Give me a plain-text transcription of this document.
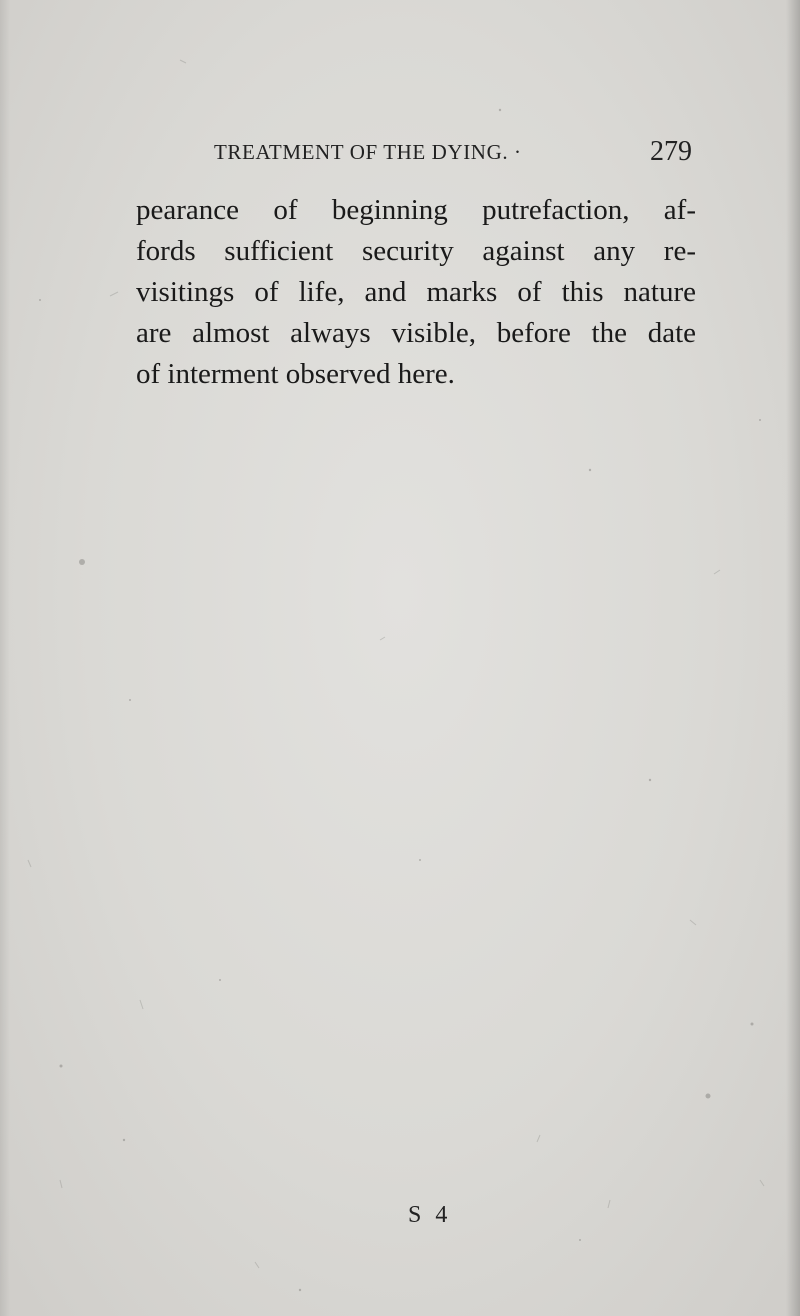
TREATMENT OF THE DYING. ·	279
pearance of beginning putrefaction, af-
fords sufficient security against any re-
visitings of life, and marks of this nature
are almost always visible, before the date
of interment observed here.
S 4
